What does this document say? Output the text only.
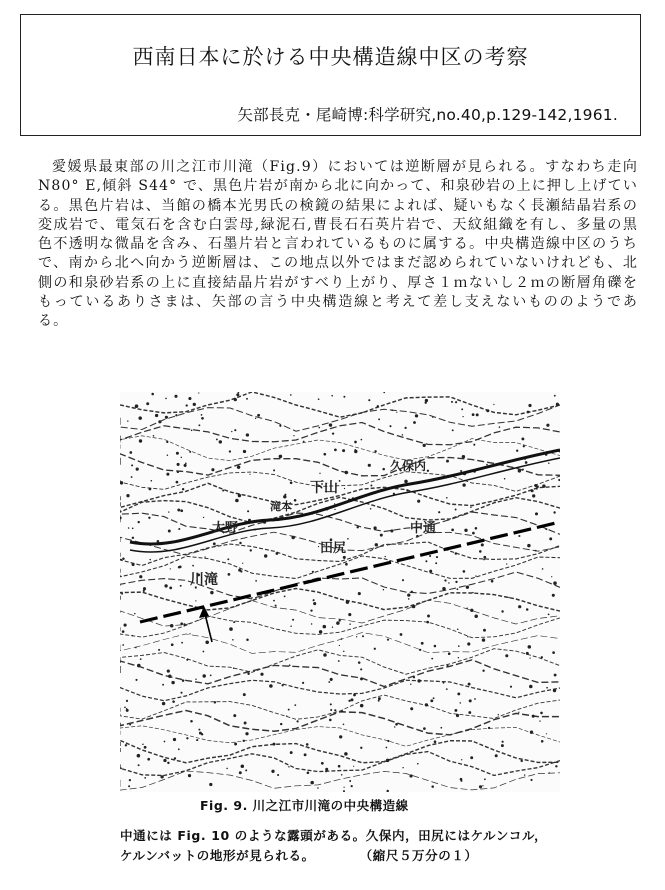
西南日本に於ける中央構造線中区の考察
矢部長克・尾崎博:科学研究,no.40,p.129-142,1961.

愛媛県最東部の川之江市川滝（Fig.9）においては逆断層が見られる。すなわち走向 N80° E,傾斜 S44° で、黒色片岩が南から北に向かって、和泉砂岩の上に押し上げている。黒色片岩は、当館の橋本光男氏の検鏡の結果によれば、疑いもなく長瀬結晶岩系の変成岩で、電気石を含む白雲母,緑泥石,曹長石石英片岩で、天紋組織を有し、多量の黒色不透明な微晶を含み、石墨片岩と言われているものに属する。中央構造線中区のうちで、南から北へ向かう逆断層は、この地点以外ではまだ認められていないけれども、北側の和泉砂岩系の上に直接結晶片岩がすべり上がり、厚さ１ｍないし２ｍの断層角礫をもっているありさまは、矢部の言う中央構造線と考えて差し支えないもののようである。

下山
大野
田尻
川滝
中通
久保内
滝本
Fig. 9. 川之江市川滝の中央構造線
中通には Fig. 10 のような露頭がある。久保内，田尻にはケルンコル，ケルンバットの地形が見られる。	（縮尺５万分の１）
